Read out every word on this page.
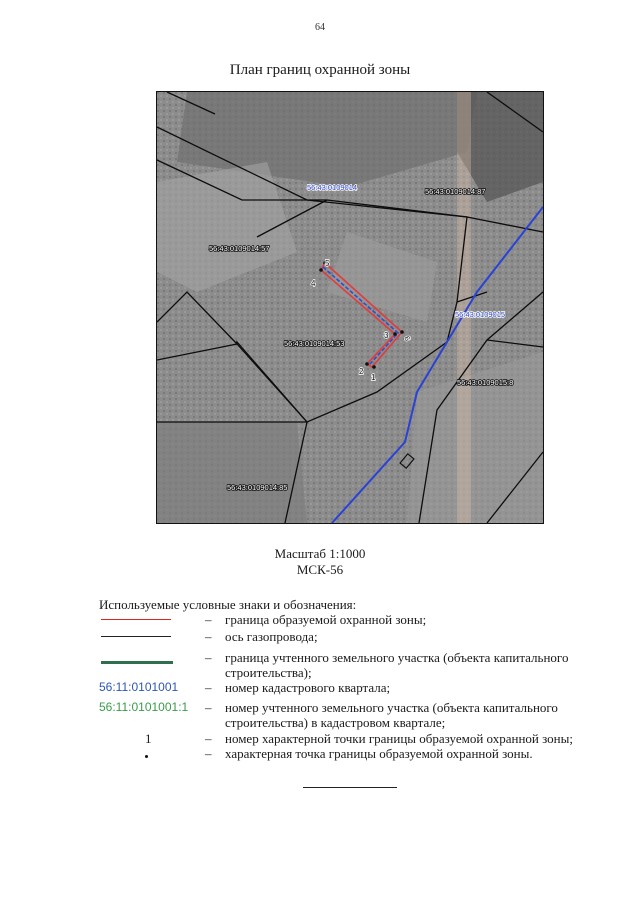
64
План границ охранной зоны
1
2
3
4
5
6
56:43:0109014
56:43:0109015
56:43:0109014:87
56:43:0109014:57
56:43:0109014:53
56:43:0109015:8
56:43:0109014:85
Масштаб 1:1000
МСК-56
Используемые условные знаки и обозначения:
– граница образуемой охранной зоны;
– ось газопровода;
– граница учтенного земельного участка (объекта капитального строительства);
56:11:0101001	– номер кадастрового квартала;
56:11:0101001:1	– номер учтенного земельного участка (объекта капитального строительства) в кадастровом квартале;
1	– номер характерной точки границы образуемой охранной зоны;
– характерная точка границы образуемой охранной зоны.
